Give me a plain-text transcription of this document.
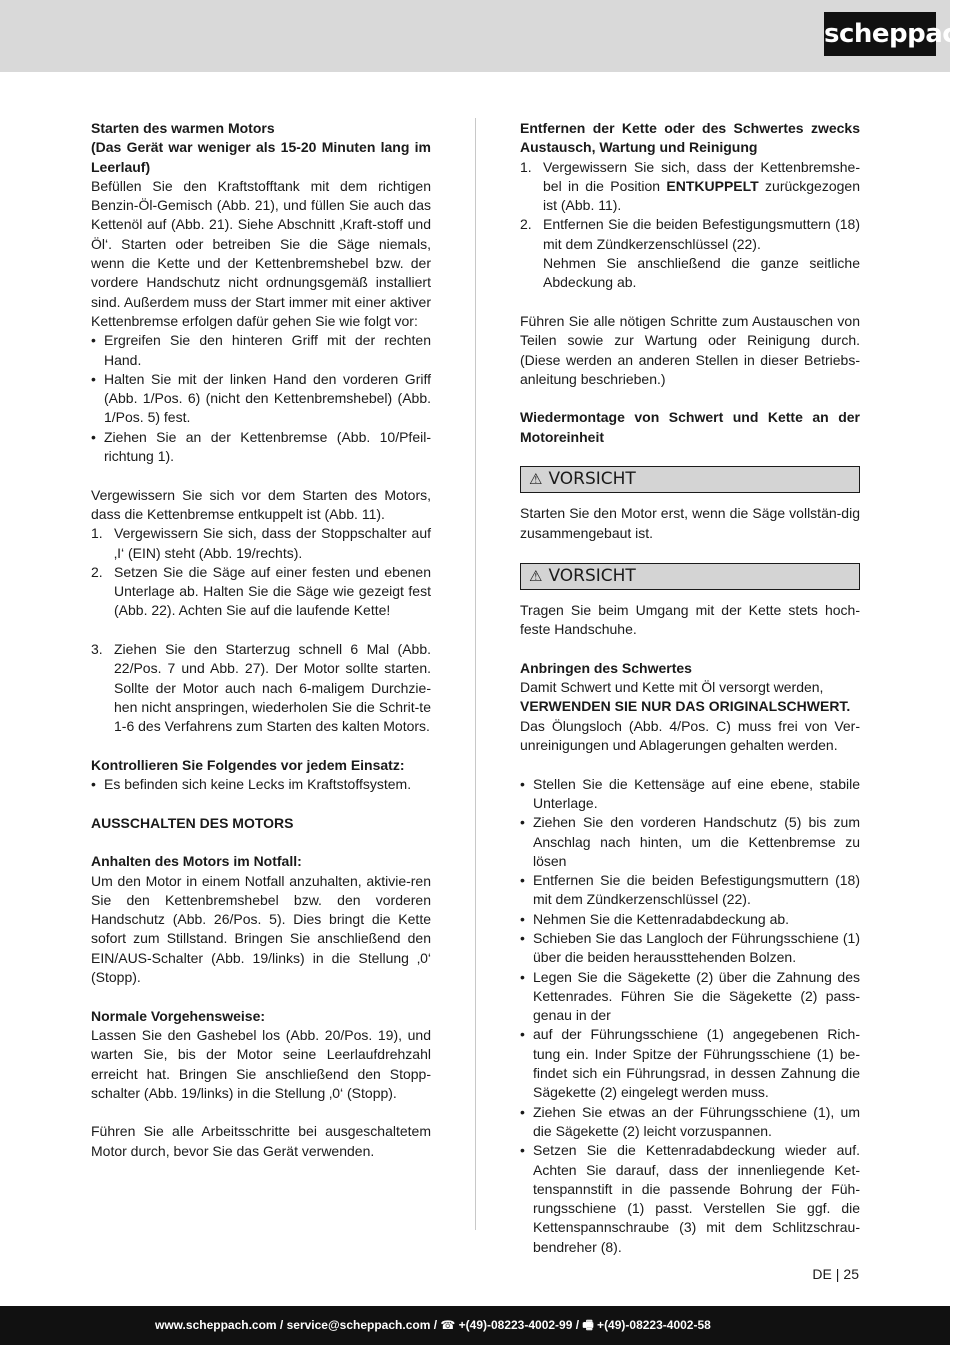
scheppach

Starten des warmen Motors

(Das Gerät war weniger als 15-20 Minuten lang im Leerlauf)

Befüllen Sie den Kraftstofftank mit dem richtigen Benzin-Öl-Gemisch (Abb. 21), und füllen Sie auch das Kettenöl auf (Abb. 21). Siehe Abschnitt ‚Kraft-stoff und Öl‘. Starten oder betreiben Sie die Säge niemals, wenn die Kette und der Kettenbremshebel bzw. der vordere Handschutz nicht ordnungsgemäß installiert sind. Außerdem muss der Start immer mit einer aktiver Kettenbremse erfolgen dafür gehen Sie wie folgt vor:

• Ergreifen Sie den hinteren Griff mit der rechten Hand.
• Halten Sie mit der linken Hand den vorderen Griff (Abb. 1/Pos. 6) (nicht den Kettenbremshebel) (Abb. 1/Pos. 5) fest.
• Ziehen Sie an der Kettenbremse (Abb. 10/Pfeil-richtung 1).

Vergewissern Sie sich vor dem Starten des Motors, dass die Kettenbremse entkuppelt ist (Abb. 11).

1. Vergewissern Sie sich, dass der Stoppschalter auf ‚I‘ (EIN) steht (Abb. 19/rechts).
2. Setzen Sie die Säge auf einer festen und ebenen Unterlage ab. Halten Sie die Säge wie gezeigt fest (Abb. 22). Achten Sie auf die laufende Kette!
3. Ziehen Sie den Starterzug schnell 6 Mal (Abb. 22/Pos. 7 und Abb. 27). Der Motor sollte starten. Sollte der Motor auch nach 6-maligem Durchzie-hen nicht anspringen, wiederholen Sie die Schrit-te 1-6 des Verfahrens zum Starten des kalten Motors.

Kontrollieren Sie Folgendes vor jedem Einsatz:

• Es befinden sich keine Lecks im Kraftstoffsystem.

AUSSCHALTEN DES MOTORS

Anhalten des Motors im Notfall:

Um den Motor in einem Notfall anzuhalten, aktivie-ren Sie den Kettenbremshebel bzw. den vorderen Handschutz (Abb. 26/Pos. 5). Dies bringt die Kette sofort zum Stillstand. Bringen Sie anschließend den EIN/AUS-Schalter (Abb. 19/links) in die Stellung ‚0‘ (Stopp).

Normale Vorgehensweise:

Lassen Sie den Gashebel los (Abb. 20/Pos. 19), und warten Sie, bis der Motor seine Leerlaufdrehzahl erreicht hat. Bringen Sie anschließend den Stopp-schalter (Abb. 19/links) in die Stellung ‚0‘ (Stopp).

Führen Sie alle Arbeitsschritte bei ausgeschaltetem Motor durch, bevor Sie das Gerät verwenden.

Entfernen der Kette oder des Schwertes zwecks Austausch, Wartung und Reinigung

1. Vergewissern Sie sich, dass der Kettenbremshe-bel in die Position ENTKUPPELT zurückgezogen ist (Abb. 11).
2. Entfernen Sie die beiden Befestigungsmuttern (18) mit dem Zündkerzenschlüssel (22).
Nehmen Sie anschließend die ganze seitliche Abdeckung ab.

Führen Sie alle nötigen Schritte zum Austauschen von Teilen sowie zur Wartung oder Reinigung durch. (Diese werden an anderen Stellen in dieser Betriebs-anleitung beschrieben.)

Wiedermontage von Schwert und Kette an der Motoreinheit

⚠ VORSICHT

Starten Sie den Motor erst, wenn die Säge vollstän-dig zusammengebaut ist.

⚠ VORSICHT

Tragen Sie beim Umgang mit der Kette stets hoch-feste Handschuhe.

Anbringen des Schwertes

Damit Schwert und Kette mit Öl versorgt werden,

VERWENDEN SIE NUR DAS ORIGINALSCHWERT.

Das Ölungsloch (Abb. 4/Pos. C) muss frei von Ver-unreinigungen und Ablagerungen gehalten werden.

• Stellen Sie die Kettensäge auf eine ebene, stabile Unterlage.
• Ziehen Sie den vorderen Handschutz (5) bis zum Anschlag nach hinten, um die Kettenbremse zu lösen
• Entfernen Sie die beiden Befestigungsmuttern (18) mit dem Zündkerzenschlüssel (22).
• Nehmen Sie die Kettenradabdeckung ab.
• Schieben Sie das Langloch der Führungsschiene (1) über die beiden heraussttehenden Bolzen.
• Legen Sie die Sägekette (2) über die Zahnung des Kettenrades. Führen Sie die Sägekette (2) pass-genau in der
• auf der Führungsschiene (1) angegebenen Rich-tung ein. Inder Spitze der Führungsschiene (1) be-findet sich ein Führungsrad, in dessen Zahnung die Sägekette (2) eingelegt werden muss.
• Ziehen Sie etwas an der Führungsschiene (1), um die Sägekette (2) leicht vorzuspannen.
• Setzen Sie die Kettenradabdeckung wieder auf. Achten Sie darauf, dass der innenliegende Ket-tenspannstift in die passende Bohrung der Füh-rungsschiene (1) passt. Verstellen Sie ggf. die Kettenspannschraube (3) mit dem Schlitzschrau-bendreher (8).
DE | 25
www.scheppach.com / service@scheppach.com / ☎ +(49)-08223-4002-99 / 🖷 +(49)-08223-4002-58
